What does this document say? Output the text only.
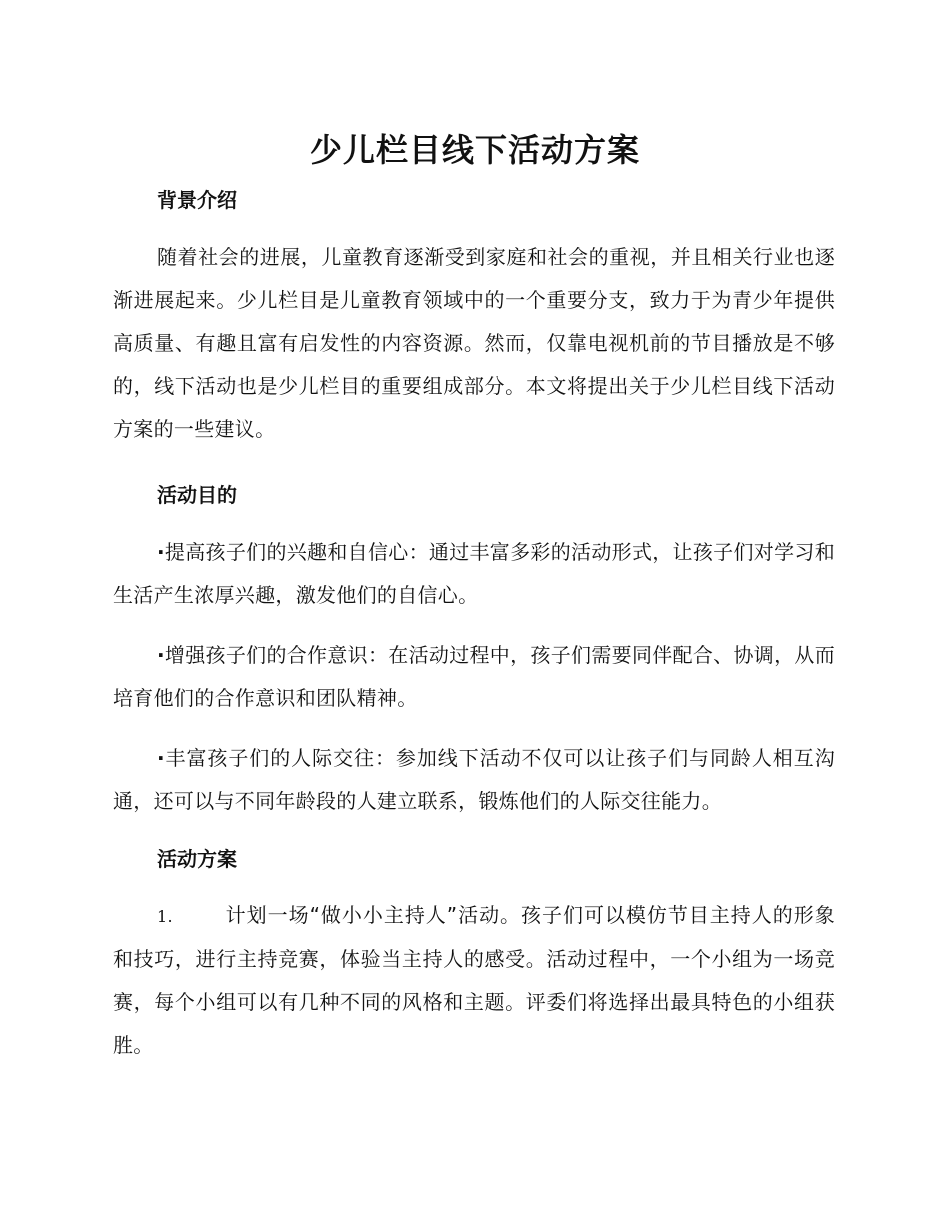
少儿栏目线下活动方案
背景介绍
随着社会的进展，儿童教育逐渐受到家庭和社会的重视，并且相关行业也逐渐进展起来。少儿栏目是儿童教育领域中的一个重要分支，致力于为青少年提供高质量、有趣且富有启发性的内容资源。然而，仅靠电视机前的节目播放是不够的，线下活动也是少儿栏目的重要组成部分。本文将提出关于少儿栏目线下活动方案的一些建议。
活动目的
·提高孩子们的兴趣和自信心：通过丰富多彩的活动形式，让孩子们对学习和生活产生浓厚兴趣，激发他们的自信心。
·增强孩子们的合作意识：在活动过程中，孩子们需要同伴配合、协调，从而培育他们的合作意识和团队精神。
·丰富孩子们的人际交往：参加线下活动不仅可以让孩子们与同龄人相互沟通，还可以与不同年龄段的人建立联系，锻炼他们的人际交往能力。
活动方案
1.	计划一场“做小小主持人”活动。孩子们可以模仿节目主持人的形象和技巧，进行主持竞赛，体验当主持人的感受。活动过程中，一个小组为一场竞赛，每个小组可以有几种不同的风格和主题。评委们将选择出最具特色的小组获胜。
